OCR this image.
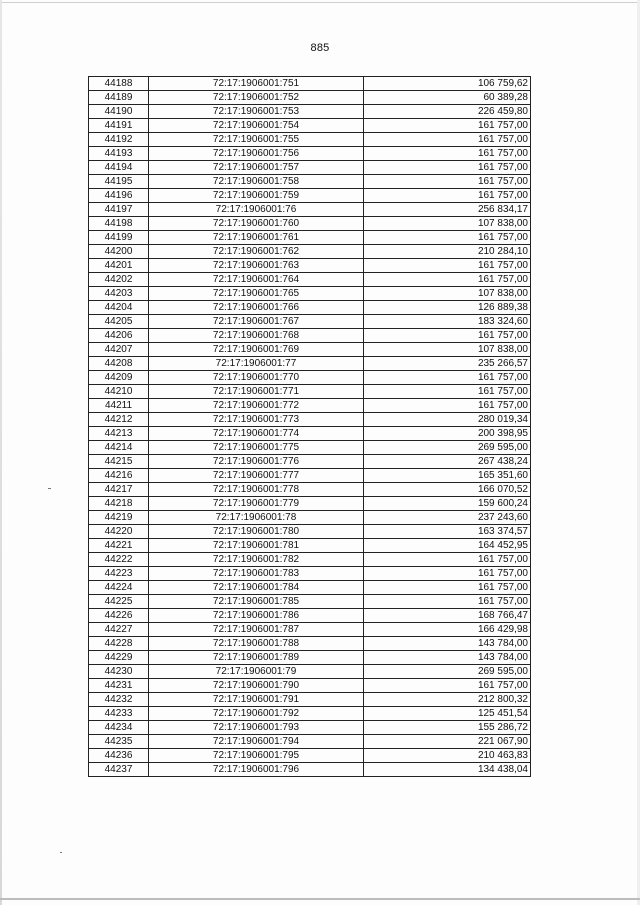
885
44188	72:17:1906001:751	106 759,62
44189	72:17:1906001:752	60 389,28
44190	72:17:1906001:753	226 459,80
44191	72:17:1906001:754	161 757,00
44192	72:17:1906001:755	161 757,00
44193	72:17:1906001:756	161 757,00
44194	72:17:1906001:757	161 757,00
44195	72:17:1906001:758	161 757,00
44196	72:17:1906001:759	161 757,00
44197	72:17:1906001:76	256 834,17
44198	72:17:1906001:760	107 838,00
44199	72:17:1906001:761	161 757,00
44200	72:17:1906001:762	210 284,10
44201	72:17:1906001:763	161 757,00
44202	72:17:1906001:764	161 757,00
44203	72:17:1906001:765	107 838,00
44204	72:17:1906001:766	126 889,38
44205	72:17:1906001:767	183 324,60
44206	72:17:1906001:768	161 757,00
44207	72:17:1906001:769	107 838,00
44208	72:17:1906001:77	235 266,57
44209	72:17:1906001:770	161 757,00
44210	72:17:1906001:771	161 757,00
44211	72:17:1906001:772	161 757,00
44212	72:17:1906001:773	280 019,34
44213	72:17:1906001:774	200 398,95
44214	72:17:1906001:775	269 595,00
44215	72:17:1906001:776	267 438,24
44216	72:17:1906001:777	165 351,60
44217	72:17:1906001:778	166 070,52
44218	72:17:1906001:779	159 600,24
44219	72:17:1906001:78	237 243,60
44220	72:17:1906001:780	163 374,57
44221	72:17:1906001:781	164 452,95
44222	72:17:1906001:782	161 757,00
44223	72:17:1906001:783	161 757,00
44224	72:17:1906001:784	161 757,00
44225	72:17:1906001:785	161 757,00
44226	72:17:1906001:786	168 766,47
44227	72:17:1906001:787	166 429,98
44228	72:17:1906001:788	143 784,00
44229	72:17:1906001:789	143 784,00
44230	72:17:1906001:79	269 595,00
44231	72:17:1906001:790	161 757,00
44232	72:17:1906001:791	212 800,32
44233	72:17:1906001:792	125 451,54
44234	72:17:1906001:793	155 286,72
44235	72:17:1906001:794	221 067,90
44236	72:17:1906001:795	210 463,83
44237	72:17:1906001:796	134 438,04
